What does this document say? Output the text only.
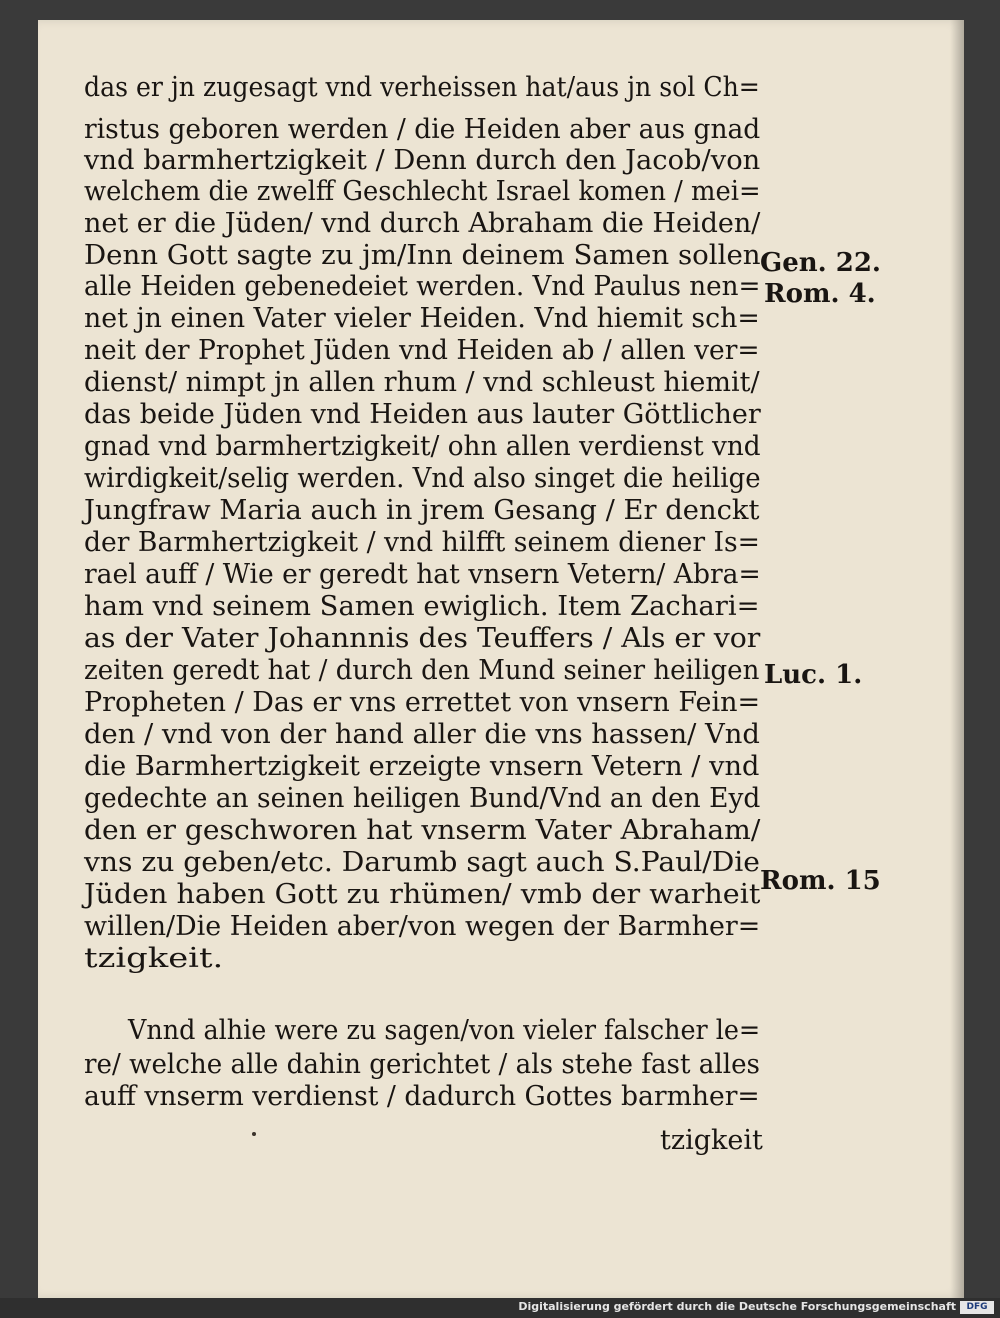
das er jn zugesagt vnd verheissen hat/aus jn sol Ch=
ristus geboren werden / die Heiden aber aus gnad
vnd barmhertzigkeit / Denn durch den Jacob/von
welchem die zwelff Geschlecht Israel komen / mei=
net er die Jüden/ vnd durch Abraham die Heiden/
Denn Gott sagte zu jm/Inn deinem Samen sollen
alle Heiden gebenedeiet werden. Vnd Paulus nen=
net jn einen Vater vieler Heiden. Vnd hiemit sch=
neit der Prophet Jüden vnd Heiden ab / allen ver=
dienst/ nimpt jn allen rhum / vnd schleust hiemit/
das beide Jüden vnd Heiden aus lauter Göttlicher
gnad vnd barmhertzigkeit/ ohn allen verdienst vnd
wirdigkeit/selig werden. Vnd also singet die heilige
Jungfraw Maria auch in jrem Gesang / Er denckt
der Barmhertzigkeit / vnd hilfft seinem diener Is=
rael auff / Wie er geredt hat vnsern Vetern/ Abra=
ham vnd seinem Samen ewiglich. Item Zachari=
as der Vater Johannnis des Teuffers / Als er vor
zeiten geredt hat / durch den Mund seiner heiligen
Propheten / Das er vns errettet von vnsern Fein=
den / vnd von der hand aller die vns hassen/ Vnd
die Barmhertzigkeit erzeigte vnsern Vetern / vnd
gedechte an seinen heiligen Bund/Vnd an den Eyd
den er geschworen hat vnserm Vater Abraham/
vns zu geben/etc. Darumb sagt auch S.Paul/Die
Jüden haben Gott zu rhümen/ vmb der warheit
willen/Die Heiden aber/von wegen der Barmher=
tzigkeit.
Vnnd alhie were zu sagen/von vieler falscher le=
re/ welche alle dahin gerichtet / als stehe fast alles
auff vnserm verdienst / dadurch Gottes barmher=
tzigkeit
Gen. 22.
Rom. 4.
Luc. 1.
Rom. 15
Digitalisierung gefördert durch die Deutsche Forschungsgemeinschaft	DFG
